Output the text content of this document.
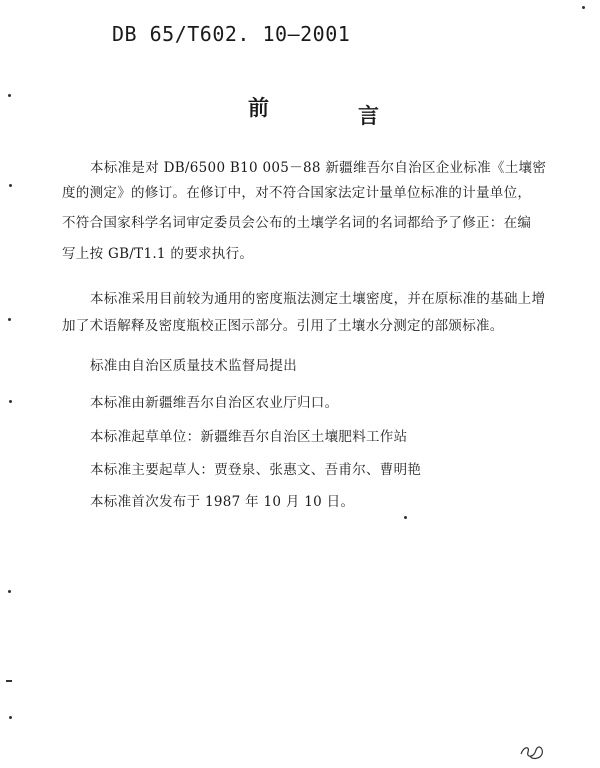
DB 65/T602. 10—2001
前	言
本标准是对 DB/6500 B10 005－88 新疆维吾尔自治区企业标准《土壤密
度的测定》的修订。在修订中，对不符合国家法定计量单位标准的计量单位，
不符合国家科学名词审定委员会公布的土壤学名词的名词都给予了修正：在编
写上按 GB/T1.1 的要求执行。
本标准采用目前较为通用的密度瓶法测定土壤密度，并在原标准的基础上增
加了术语解释及密度瓶校正图示部分。引用了土壤水分测定的部颁标准。
标准由自治区质量技术监督局提出
本标准由新疆维吾尔自治区农业厅归口。
本标准起草单位：新疆维吾尔自治区土壤肥料工作站
本标准主要起草人：贾登泉、张惠文、吾甫尔、曹明艳
本标准首次发布于 1987 年 10 月 10 日。
